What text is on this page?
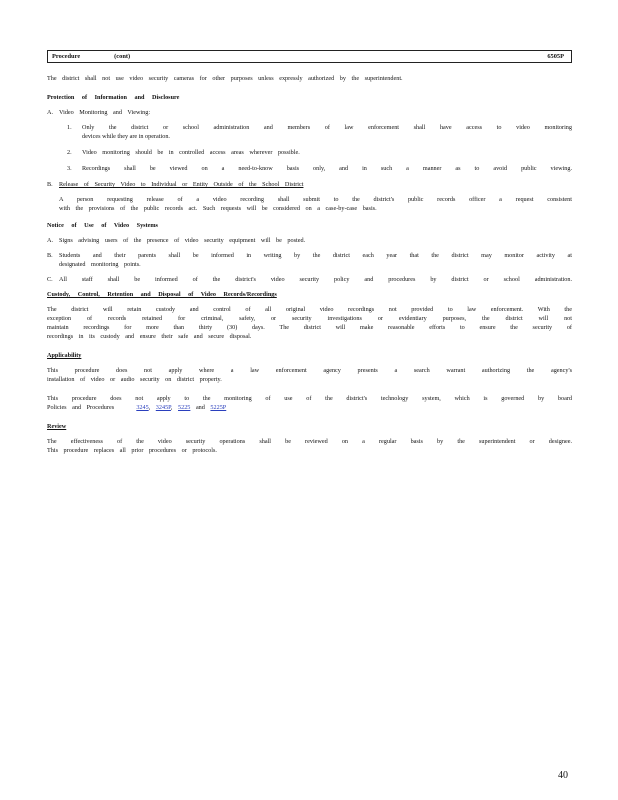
Procedure	(cont)	6505P

The district shall not use video security cameras for other purposes unless expressly authorized by the superintendent.

Protection of Information and Disclosure
A. Video Monitoring and Viewing:
1.	Only the district or school administration and members of law enforcement shall have access to video monitoring

devices while they are in operation.

2.	Video monitoring should be in controlled access areas wherever possible.

3.	Recordings shall be viewed on a need-to-know basis only, and in such a manner as to avoid public viewing.

B.	Release of Security Video to Individual or Entity Outside of the School District

A person requesting release of a video recording shall submit to the district's public records officer a request consistent

with the provisions of the public records act. Such requests will be considered on a case-by-case basis.

Notice of Use of Video Systems
A. Signs advising users of the presence of video security equipment will be posted.

B.	Students and their parents shall be informed in writing by the district each year that the district may monitor activity at

designated monitoring points.

C.	All staff shall be informed of the district's video security policy and procedures by district or school administration.

Custody, Control, Retention and Disposal of Video Records/Recordings

The district will retain custody and control of all original video recordings not provided to law enforcement. With the

exception of records retained for criminal, safety, or security investigations or evidentiary purposes, the district will not

maintain recordings for more than thirty (30) days. The district will make reasonable efforts to ensure the security of

recordings in its custody and ensure their safe and secure disposal.

Applicability

This procedure does not apply where a law enforcement agency presents a search warrant authorizing the agency's

installation of video or audio security on district property.

This procedure does not apply to the monitoring of use of the district's technology system, which is governed by board

Policies and Procedures	3245, 3245P, 5225 and 5225P

Review

The effectiveness of the video security operations shall be reviewed on a regular basis by the superintendent or designee.

This procedure replaces all prior procedures or protocols.

40
